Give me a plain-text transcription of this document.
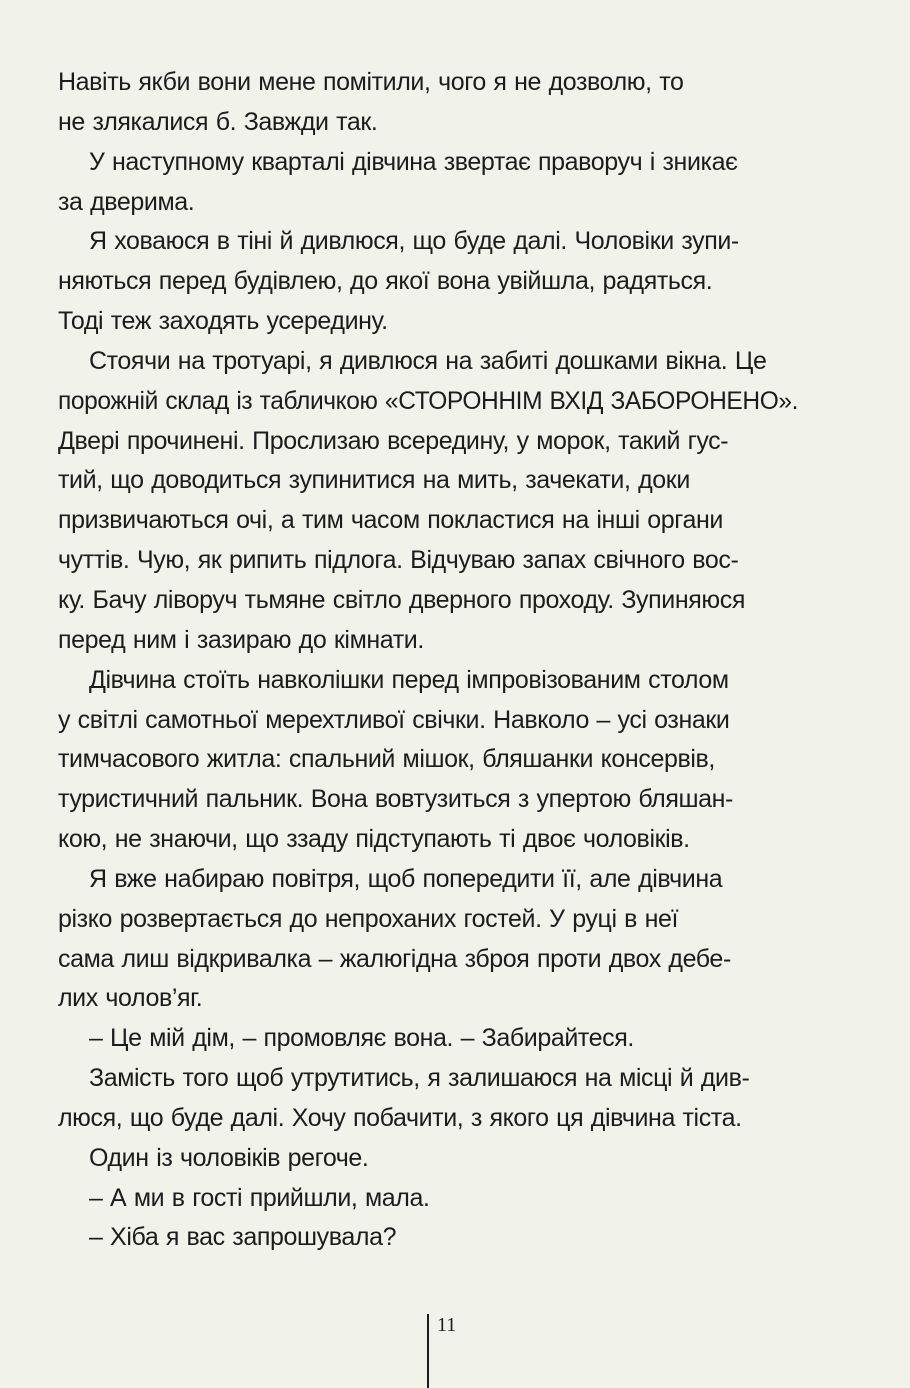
Навіть якби вони мене помітили, чого я не дозволю, то
не злякалися б. Завжди так.
У наступному кварталі дівчина звертає праворуч і зникає
за дверима.
Я ховаюся в тіні й дивлюся, що буде далі. Чоловіки зупи-
няються перед будівлею, до якої вона увійшла, радяться.
Тоді теж заходять усередину.
Стоячи на тротуарі, я дивлюся на забиті дошками вікна. Це
порожній склад із табличкою «СТОРОННІМ ВХІД ЗАБОРОНЕНО».
Двері прочинені. Прослизаю всередину, у морок, такий гус-
тий, що доводиться зупинитися на мить, зачекати, доки
призвичаються очі, а тим часом покластися на інші органи
чуттів. Чую, як рипить підлога. Відчуваю запах свічного вос-
ку. Бачу ліворуч тьмяне світло дверного проходу. Зупиняюся
перед ним і зазираю до кімнати.
Дівчина стоїть навколішки перед імпровізованим столом
у світлі самотньої мерехтливої свічки. Навколо – усі ознаки
тимчасового житла: спальний мішок, бляшанки консервів,
туристичний пальник. Вона вовтузиться з упертою бляшан-
кою, не знаючи, що ззаду підступають ті двоє чоловіків.
Я вже набираю повітря, щоб попередити її, але дівчина
різко розвертається до непроханих гостей. У руці в неї
сама лиш відкривалка – жалюгідна зброя проти двох дебе-
лих чолов’яг.
– Це мій дім, – промовляє вона. – Забирайтеся.
Замість того щоб утрутитись, я залишаюся на місці й див-
люся, що буде далі. Хочу побачити, з якого ця дівчина тіста.
Один із чоловіків регоче.
– А ми в гості прийшли, мала.
– Хіба я вас запрошувала?
11
